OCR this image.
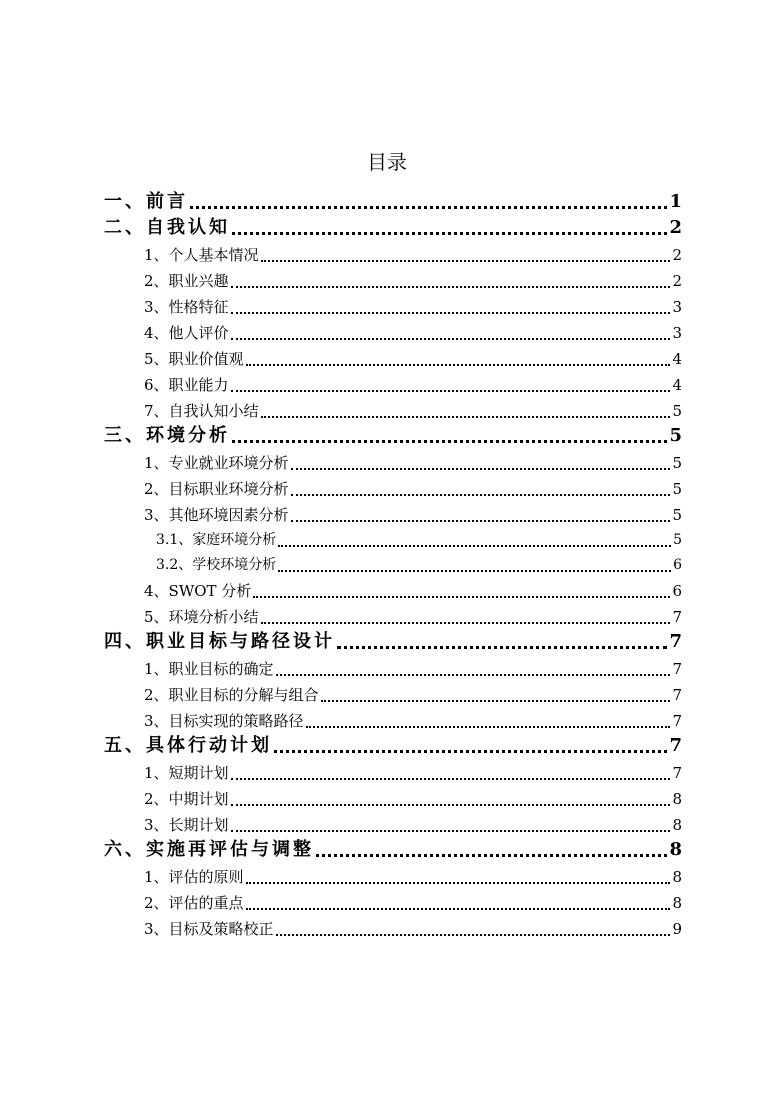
目录
一、前言	1
二、自我认知	2
1、个人基本情况	2
2、职业兴趣	2
3、性格特征	3
4、他人评价	3
5、职业价值观	4
6、职业能力	4
7、自我认知小结	5
三、环境分析	5
1、专业就业环境分析	5
2、目标职业环境分析	5
3、其他环境因素分析	5
3.1、家庭环境分析	5
3.2、学校环境分析	6
4、SWOT 分析	6
5、环境分析小结	7
四、职业目标与路径设计	7
1、职业目标的确定	7
2、职业目标的分解与组合	7
3、目标实现的策略路径	7
五、具体行动计划	7
1、短期计划	7
2、中期计划	8
3、长期计划	8
六、实施再评估与调整	8
1、评估的原则	8
2、评估的重点	8
3、目标及策略校正	9
